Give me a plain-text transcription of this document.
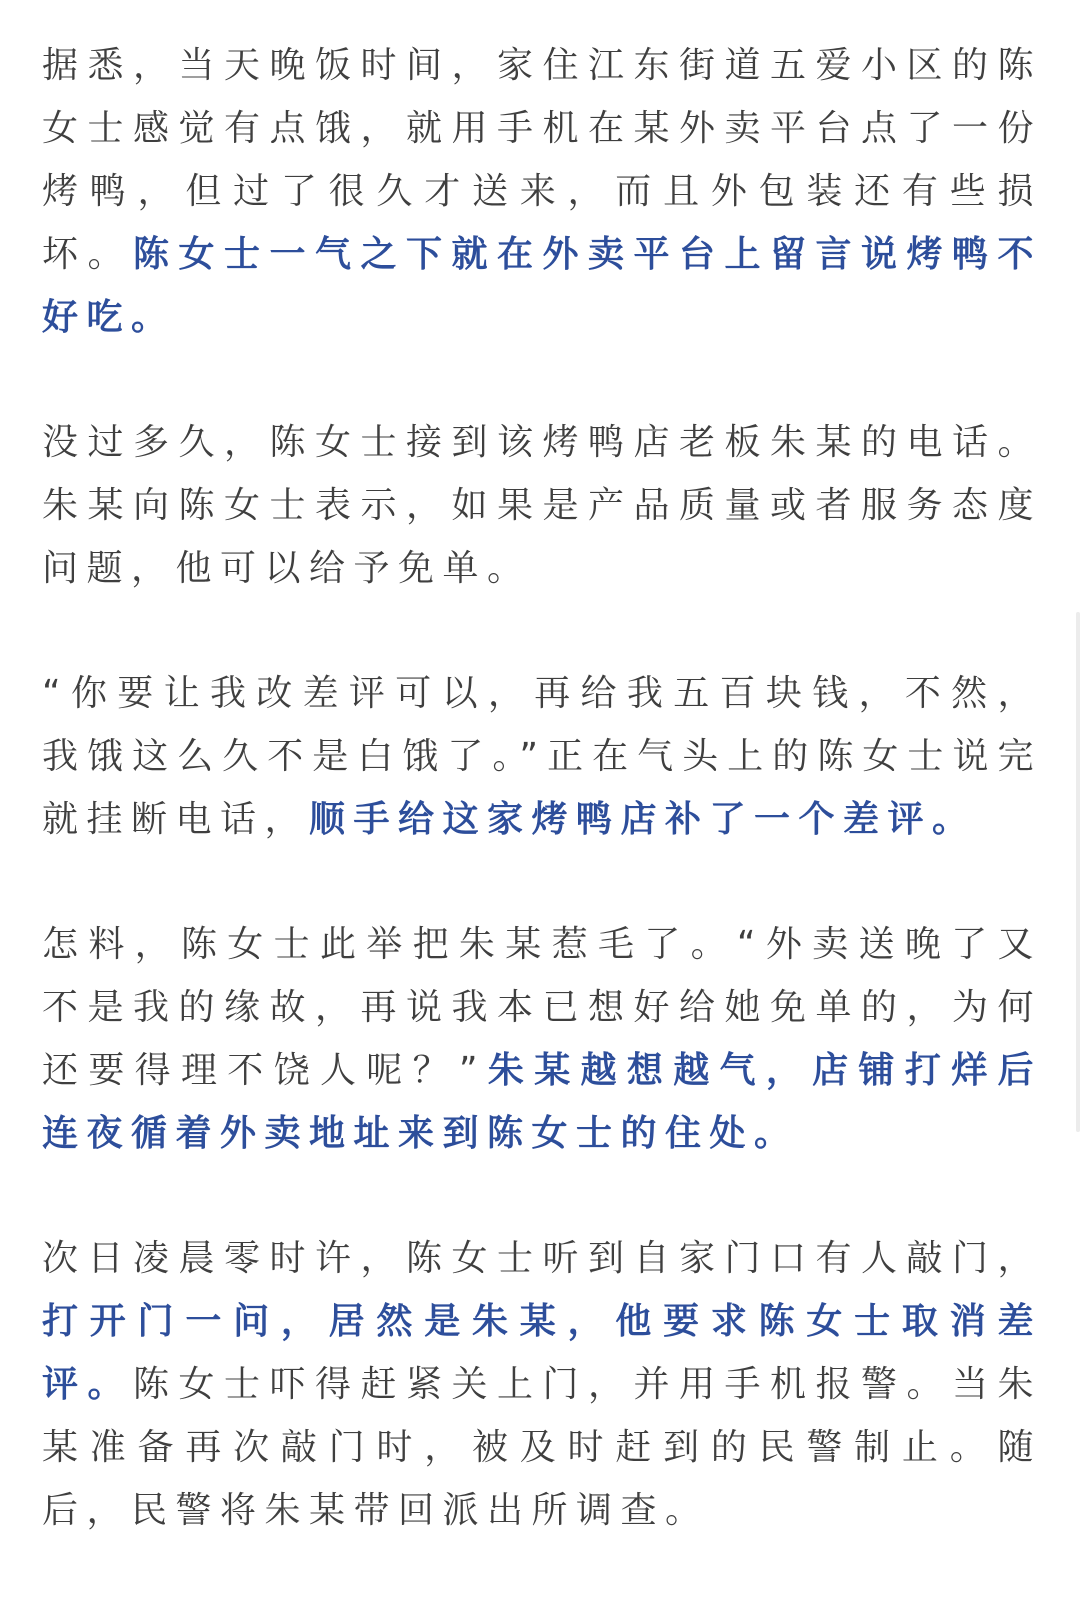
据悉，当天晚饭时间，家住江东街道五爱小区的陈女士感觉有点饿，就用手机在某外卖平台点了一份烤鸭，但过了很久才送来，而且外包装还有些损坏。陈女士一气之下就在外卖平台上留言说烤鸭不好吃。

没过多久，陈女士接到该烤鸭店老板朱某的电话。朱某向陈女士表示，如果是产品质量或者服务态度问题，他可以给予免单。

“你要让我改差评可以，再给我五百块钱，不然，我饿这么久不是白饿了。”正在气头上的陈女士说完就挂断电话，顺手给这家烤鸭店补了一个差评。

怎料，陈女士此举把朱某惹毛了。“外卖送晚了又不是我的缘故，再说我本已想好给她免单的，为何还要得理不饶人呢？”朱某越想越气，店铺打烊后连夜循着外卖地址来到陈女士的住处。

次日凌晨零时许，陈女士听到自家门口有人敲门，打开门一问，居然是朱某，他要求陈女士取消差评。陈女士吓得赶紧关上门，并用手机报警。当朱某准备再次敲门时，被及时赶到的民警制止。随后，民警将朱某带回派出所调查。
